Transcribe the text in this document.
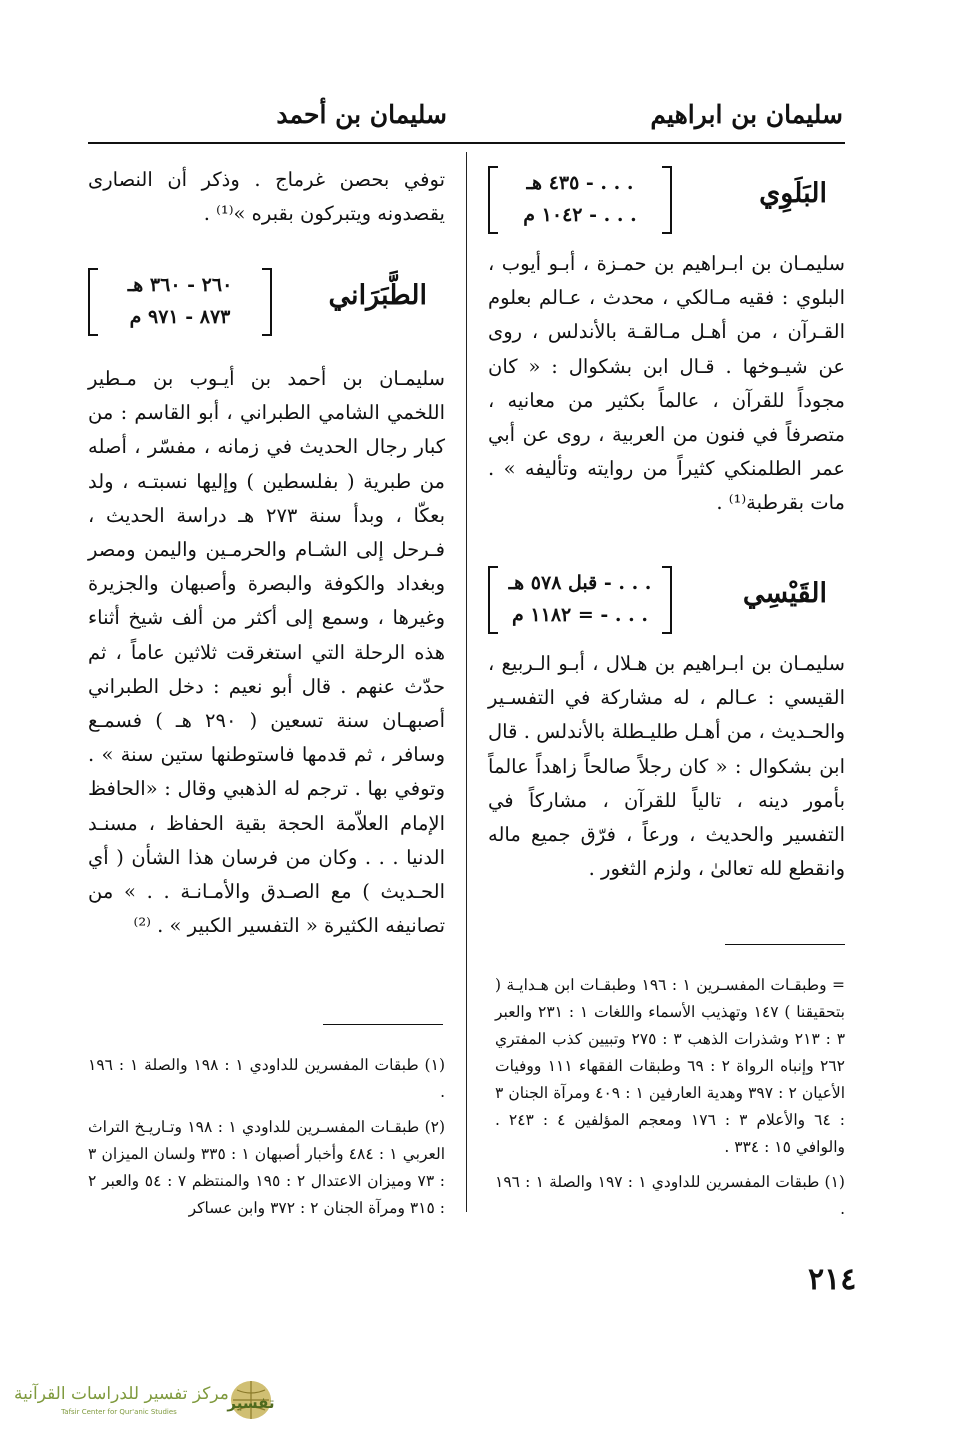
سليمان بن ابراهيم
سليمان بن أحمد
البَلَوِي
. . . - ٤٣٥ هـ
. . . - ١٠٤٢ م

سليمـان بن ابـراهيم بن حمـزة ، أبـو أيوب ، البلوي : فقيه مـالكي ، محدث ، عـالم بعلوم القـرآن ، من أهـل مـالقـة بالأندلس ، روى عن شيـوخها . قـال ابن بشكوال : « كان مجوداً للقرآن ، عالماً بكثير من معانيه ، متصرفاً في فنون من العربية ، روى عن أبي عمر الطلمنكي كثيراً من روايته وتأليفه » . مات بقرطبة⁽¹⁾ .

القَيْسِي
. . . - قبل ٥٧٨ هـ
. . . - = ١١٨٢ م

سليمـان بن ابـراهيم بن هـلال ، أبـو الـربيع ، القيسي : عـالم ، له مشاركة في التفسـير والحـديث ، من أهـل طليـطلة بالأندلس . قال ابن بشكوال : « كان رجلاً صالحاً زاهداً عالماً بأمور دينه ، تالياً للقرآن ، مشاركاً في التفسير والحديث ، ورعاً ، فرّق جميع ماله وانقطع لله تعالىٰ ، ولزم الثغور .

= وطبقـات المفسـرين ١ : ١٩٦ وطبقـات ابن هـدايـة ( بتحقيقنا ) ١٤٧ وتهذيب الأسماء واللغات ١ : ٢٣١ والعبر ٣ : ٢١٣ وشذرات الذهب ٣ : ٢٧٥ وتبيين كذب المفتري ٢٦٢ وإنباه الرواة ٢ : ٦٩ وطبقات الفقهاء ١١١ ووفيات الأعيان ٢ : ٣٩٧ وهدية العارفين ١ : ٤٠٩ ومرآة الجنان ٣ : ٦٤ والأعلام ٣ : ١٧٦ ومعجم المؤلفين ٤ : ٢٤٣ . والوافي ١٥ : ٣٣٤ .

(١) طبقات المفسرين للداودي ١ : ١٩٧ والصلة ١ : ١٩٦ .

توفي بحصن غرماج . وذكر أن النصارى يقصدونه ويتبركون بقبره »⁽¹⁾ .

الطَّبَرَاني
٢٦٠ - ٣٦٠ هـ
٨٧٣ - ٩٧١ م

سليمـان بن أحمد بن أيـوب بن مـطير اللخمي الشامي الطبراني ، أبو القاسم : من كبار رجال الحديث في زمانه ، مفسّر ، أصله من طبرية ( بفلسطين ) وإليها نسبتـه ، ولد بعكّا ، وبدأ سنة ٢٧٣ هـ دراسة الحديث ، فـرحل إلى الشـام والحرمـين واليمن ومصر وبغداد والكوفة والبصرة وأصبهان والجزيرة وغيرها ، وسمع إلى أكثر من ألف شيخ أثناء هذه الرحلة التي استغرقت ثلاثين عاماً ، ثم حدّث عنهم . قال أبو نعيم : دخل الطبراني أصبهـان سنة تسعين ( ٢٩٠ هـ ) فسمـع وسافر ، ثم قدمها فاستوطنها ستين سنة » . وتوفي بها . ترجم له الذهبي وقال : «الحافظ الإمام العلاّمة الحجة بقية الحفاظ ، مسنـد الدنيا . . . وكان من فرسان هذا الشأن ( أي الحـديث ) مع الصـدق والأمـانـة . . » من تصانيفه الكثيرة « التفسير الكبير » . ⁽²⁾

(١) طبقات المفسرين للداودي ١ : ١٩٨ والصلة ١ : ١٩٦ .

(٢) طبقـات المفسـرين للداودي ١ : ١٩٨ وتـاريـخ التراث العربي ١ : ٤٨٤ وأخبار أصبهان ١ : ٣٣٥ ولسان الميزان ٣ : ٧٣ وميزان الاعتدال ٢ : ١٩٥ والمنتظم ٧ : ٥٤ والعبر ٢ : ٣١٥ ومرآة الجنان ٢ : ٣٧٢ وابن عساكر

٢١٤
تفسير
مركز تفسير للدراسات القرآنية
Tafsir Center for Qur'anic Studies
